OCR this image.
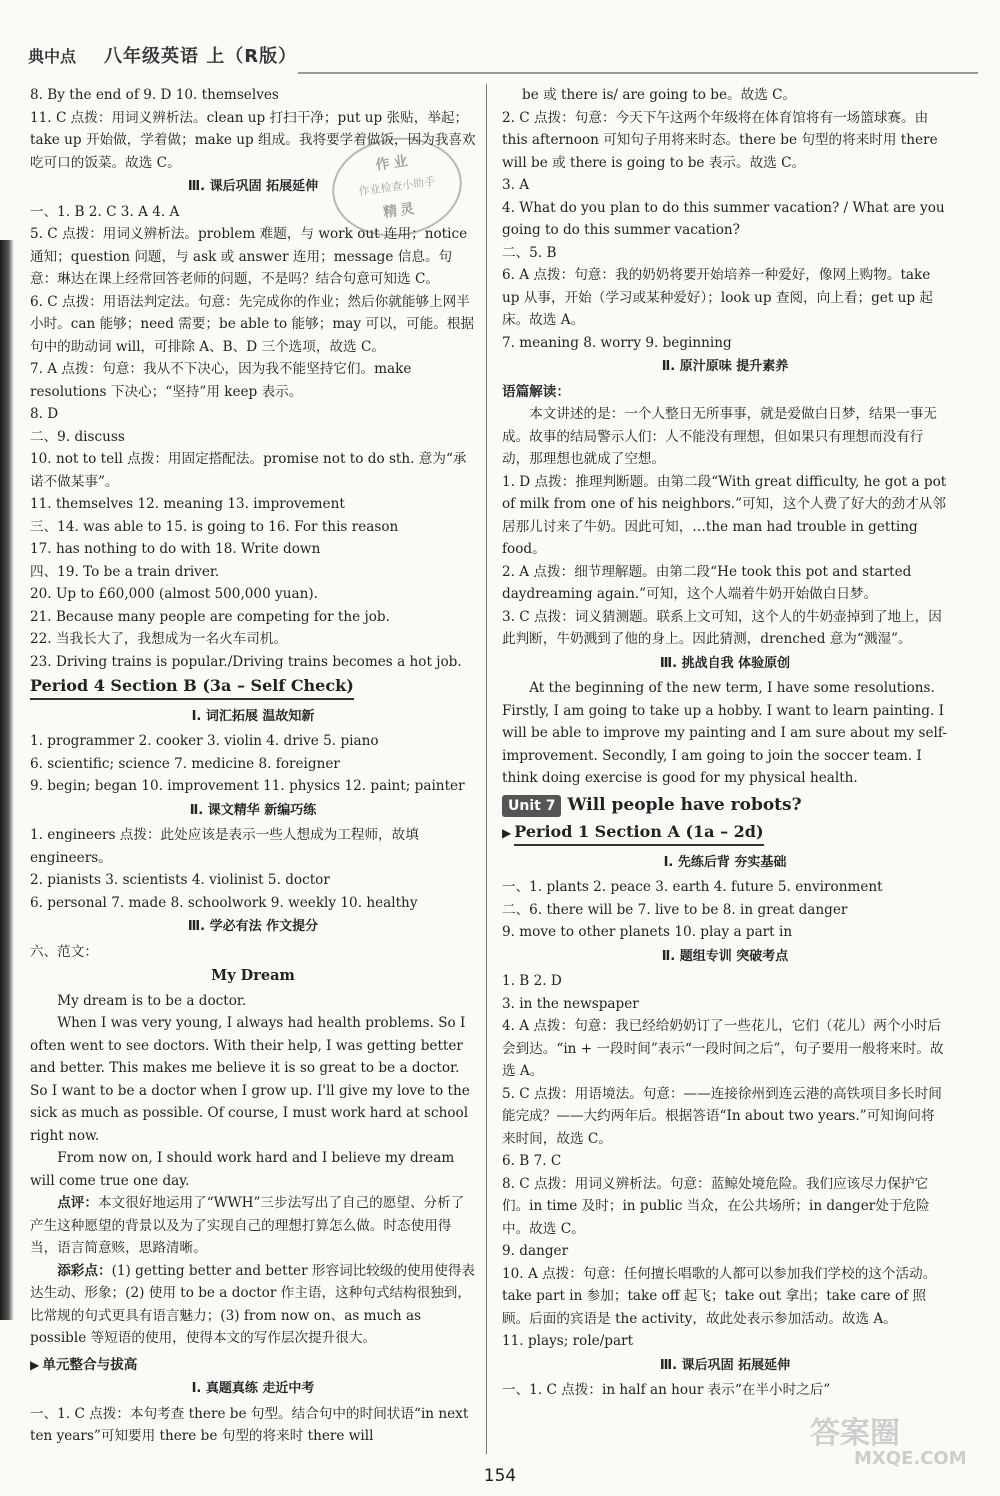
典中点 八年级英语 上（R版）
作业
作业检查小助手
精灵

8. By the end of 9. D 10. themselves

11. C 点拨：用词义辨析法。clean up 打扫干净；put up 张贴，举起；take up 开始做，学着做；make up 组成。我将要学着做饭，因为我喜欢吃可口的饭菜。故选 C。

Ⅲ. 课后巩固 拓展延伸

一、1. B 2. C 3. A 4. A

5. C 点拨：用词义辨析法。problem 难题，与 work out 连用；notice通知；question 问题，与 ask 或 answer 连用；message 信息。句意：琳达在课上经常回答老师的问题，不是吗？结合句意可知选 C。

6. C 点拨：用语法判定法。句意：先完成你的作业；然后你就能够上网半小时。can 能够；need 需要；be able to 能够；may 可以，可能。根据句中的助动词 will，可排除 A、B、D 三个选项，故选 C。

7. A 点拨：句意：我从不下决心，因为我不能坚持它们。make resolutions 下决心；“坚持”用 keep 表示。

8. D

二、9. discuss

10. not to tell 点拨：用固定搭配法。promise not to do sth. 意为“承诺不做某事”。

11. themselves 12. meaning 13. improvement

三、14. was able to 15. is going to 16. For this reason

17. has nothing to do with 18. Write down

四、19. To be a train driver.

20. Up to £60,000 (almost 500,000 yuan).

21. Because many people are competing for the job.

22. 当我长大了，我想成为一名火车司机。

23. Driving trains is popular./Driving trains becomes a hot job.

Period 4 Section B (3a – Self Check)
Ⅰ. 词汇拓展 温故知新

1. programmer 2. cooker 3. violin 4. drive 5. piano

6. scientific; science 7. medicine 8. foreigner

9. begin; began 10. improvement 11. physics 12. paint; painter

Ⅱ. 课文精华 新编巧练

1. engineers 点拨：此处应该是表示一些人想成为工程师，故填 engineers。

2. pianists 3. scientists 4. violinist 5. doctor

6. personal 7. made 8. schoolwork 9. weekly 10. healthy

Ⅲ. 学必有法 作文提分

六、范文：

My Dream

My dream is to be a doctor.

When I was very young, I always had health problems. So I often went to see doctors. With their help, I was getting better and better. This makes me believe it is so great to be a doctor. So I want to be a doctor when I grow up. I'll give my love to the sick as much as possible. Of course, I must work hard at school right now.

From now on, I should work hard and I believe my dream will come true one day.

点评：本文很好地运用了“WWH”三步法写出了自己的愿望、分析了产生这种愿望的背景以及为了实现自己的理想打算怎么做。时态使用得当，语言简意赅，思路清晰。

添彩点：(1) getting better and better 形容词比较级的使用使得表达生动、形象；(2) 使用 to be a doctor 作主语，这种句式结构很独到，比常规的句式更具有语言魅力；(3) from now on、as much as possible 等短语的使用，使得本文的写作层次提升很大。

▶ 单元整合与拔高
Ⅰ. 真题真练 走近中考

一、1. C 点拨：本句考查 there be 句型。结合句中的时间状语“in next ten years”可知要用 there be 句型的将来时 there will

be 或 there is/ are going to be。故选 C。

2. C 点拨：句意：今天下午这两个年级将在体育馆将有一场篮球赛。由 this afternoon 可知句子用将来时态。there be 句型的将来时用 there will be 或 there is going to be 表示。故选 C。

3. A

4. What do you plan to do this summer vacation? / What are you going to do this summer vacation?

二、5. B

6. A 点拨：句意：我的奶奶将要开始培养一种爱好，像网上购物。take up 从事，开始（学习或某种爱好）；look up 查阅，向上看；get up 起床。故选 A。

7. meaning 8. worry 9. beginning

Ⅱ. 原汁原味 提升素养

语篇解读：

本文讲述的是：一个人整日无所事事，就是爱做白日梦，结果一事无成。故事的结局警示人们：人不能没有理想，但如果只有理想而没有行动，那理想也就成了空想。

1. D 点拨：推理判断题。由第二段“With great difficulty, he got a pot of milk from one of his neighbors.”可知，这个人费了好大的劲才从邻居那儿讨来了牛奶。因此可知，…the man had trouble in getting food。

2. A 点拨：细节理解题。由第二段“He took this pot and started daydreaming again.”可知，这个人端着牛奶开始做白日梦。

3. C 点拨：词义猜测题。联系上文可知，这个人的牛奶壶掉到了地上，因此判断，牛奶溅到了他的身上。因此猜测，drenched 意为“溅湿”。

Ⅲ. 挑战自我 体验原创

At the beginning of the new term, I have some resolutions. Firstly, I am going to take up a hobby. I want to learn painting. I will be able to improve my painting and I am sure about my self-improvement. Secondly, I am going to join the soccer team. I think doing exercise is good for my physical health.

Unit 7 Will people have robots?
▶ Period 1 Section A (1a – 2d)
Ⅰ. 先练后背 夯实基础

一、1. plants 2. peace 3. earth 4. future 5. environment

二、6. there will be 7. live to be 8. in great danger

9. move to other planets 10. play a part in

Ⅱ. 题组专训 突破考点

1. B 2. D

3. in the newspaper

4. A 点拨：句意：我已经给奶奶订了一些花儿，它们（花儿）两个小时后会到达。“in + 一段时间”表示“一段时间之后”，句子要用一般将来时。故选 A。

5. C 点拨：用语境法。句意：——连接徐州到连云港的高铁项目多长时间能完成？——大约两年后。根据答语“In about two years.”可知询问将来时间，故选 C。

6. B 7. C

8. C 点拨：用词义辨析法。句意：蓝鲸处境危险。我们应该尽力保护它们。in time 及时；in public 当众，在公共场所；in danger处于危险中。故选 C。

9. danger

10. A 点拨：句意：任何擅长唱歌的人都可以参加我们学校的这个活动。take part in 参加；take off 起飞；take out 拿出；take care of 照顾。后面的宾语是 the activity，故此处表示参加活动。故选 A。

11. plays; role/part

Ⅲ. 课后巩固 拓展延伸

一、1. C 点拨：in half an hour 表示“在半小时之后”

答案圈
MXQE.COM
154
